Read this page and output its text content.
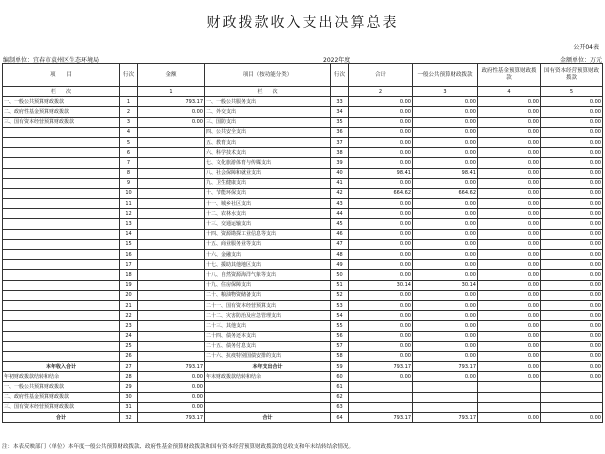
财政拨款收入支出决算总表
公开04表
编制单位：宜春市袁州区生态环境局	2022年度	金额单位：万元
项　　目	行次	金额	项目（按功能分类）	行次	合计	一般公共预算财政拨款	政府性基金预算财政拨款	国有资本经营预算财政拨款
栏　　次		1	栏　　次		2	3	4	5
一、一般公共预算财政拨款	1	793.17	一、一般公共服务支出	33	0.00	0.00	0.00	0.00
二、政府性基金预算财政拨款	2	0.00	二、外交支出	34	0.00	0.00	0.00	0.00
三、国有资本经营预算财政拨款	3	0.00	三、国防支出	35	0.00	0.00	0.00	0.00
	4		四、公共安全支出	36	0.00	0.00	0.00	0.00
	5		五、教育支出	37	0.00	0.00	0.00	0.00
	6		六、科学技术支出	38	0.00	0.00	0.00	0.00
	7		七、文化旅游体育与传媒支出	39	0.00	0.00	0.00	0.00
	8		八、社会保障和就业支出	40	98.41	98.41	0.00	0.00
	9		九、卫生健康支出	41	0.00	0.00	0.00	0.00
	10		十、节能环保支出	42	664.62	664.62	0.00	0.00
	11		十一、城乡社区支出	43	0.00	0.00	0.00	0.00
	12		十二、农林水支出	44	0.00	0.00	0.00	0.00
	13		十三、交通运输支出	45	0.00	0.00	0.00	0.00
	14		十四、资源勘探工业信息等支出	46	0.00	0.00	0.00	0.00
	15		十五、商业服务业等支出	47	0.00	0.00	0.00	0.00
	16		十六、金融支出	48	0.00	0.00	0.00	0.00
	17		十七、援助其他地区支出	49	0.00	0.00	0.00	0.00
	18		十八、自然资源海洋气象等支出	50	0.00	0.00	0.00	0.00
	19		十九、住房保障支出	51	30.14	30.14	0.00	0.00
	20		二十、粮油物资储备支出	52	0.00	0.00	0.00	0.00
	21		二十一、国有资本经营预算支出	53	0.00	0.00	0.00	0.00
	22		二十二、灾害防治及应急管理支出	54	0.00	0.00	0.00	0.00
	23		二十三、其他支出	55	0.00	0.00	0.00	0.00
	24		二十四、债务还本支出	56	0.00	0.00	0.00	0.00
	25		二十五、债务付息支出	57	0.00	0.00	0.00	0.00
	26		二十六、抗疫特别国债安排的支出	58	0.00	0.00	0.00	0.00
本年收入合计	27	793.17	本年支出合计	59	793.17	793.17	0.00	0.00
年初财政拨款结转和结余	28	0.00	年末财政拨款结转和结余	60	0.00	0.00	0.00	0.00
一、一般公共预算财政拨款	29	0.00		61				
二、政府性基金预算财政拨款	30	0.00		62				
三、国有资本经营预算财政拨款	31	0.00		63				
合计	32	793.17	合计	64	793.17	793.17	0.00	0.00
注：本表反映部门（单位）本年度一般公共预算财政拨款、政府性基金预算财政拨款和国有资本经营预算财政拨款的总收支和年末结转结余情况。
